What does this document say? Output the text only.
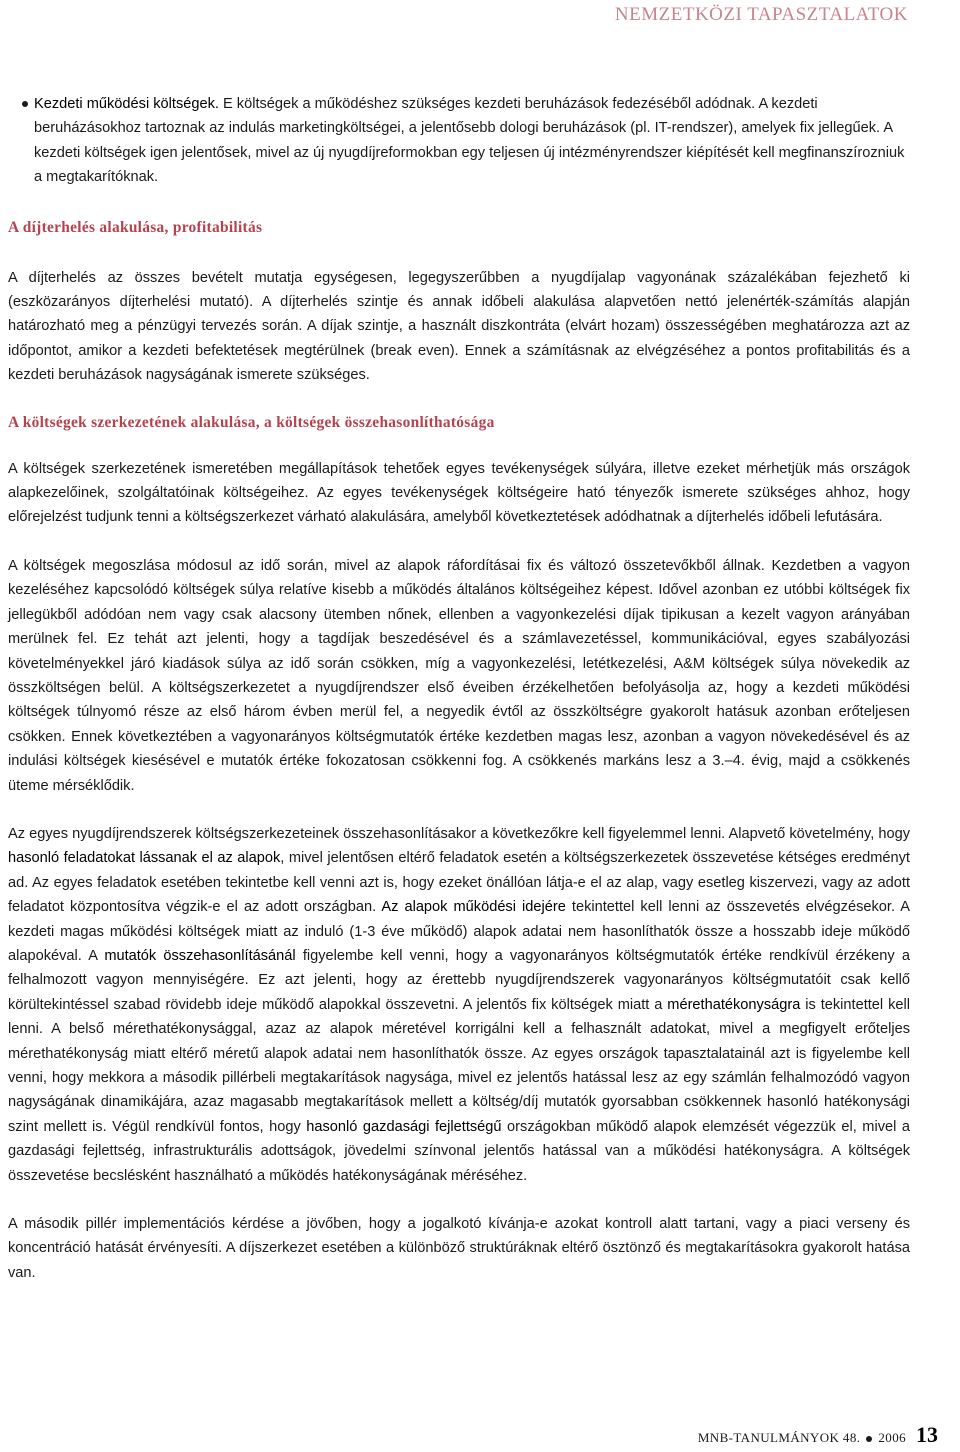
NEMZETKÖZI TAPASZTALATOK

Kezdeti működési költségek. E költségek a működéshez szükséges kezdeti beruházások fedezéséből adódnak. A kezdeti beruházásokhoz tartoznak az indulás marketingköltségei, a jelentősebb dologi beruházások (pl. IT-rendszer), amelyek fix jellegűek. A kezdeti költségek igen jelentősek, mivel az új nyugdíjreformokban egy teljesen új intézményrendszer kiépítését kell megfinanszírozniuk a megtakarítóknak.

A díjterhelés alakulása, profitabilitás

A díjterhelés az összes bevételt mutatja egységesen, legegyszerűbben a nyugdíjalap vagyonának százalékában fejezhető ki (eszközarányos díjterhelési mutató). A díjterhelés szintje és annak időbeli alakulása alapvetően nettó jelenérték-számítás alapján határozható meg a pénzügyi tervezés során. A díjak szintje, a használt diszkontráta (elvárt hozam) összességében meghatározza azt az időpontot, amikor a kezdeti befektetések megtérülnek (break even). Ennek a számításnak az elvégzéséhez a pontos profitabilitás és a kezdeti beruházások nagyságának ismerete szükséges.

A költségek szerkezetének alakulása, a költségek összehasonlíthatósága

A költségek szerkezetének ismeretében megállapítások tehetőek egyes tevékenységek súlyára, illetve ezeket mérhetjük más országok alapkezelőinek, szolgáltatóinak költségeihez. Az egyes tevékenységek költségeire ható tényezők ismerete szükséges ahhoz, hogy előrejelzést tudjunk tenni a költségszerkezet várható alakulására, amelyből következtetések adódhatnak a díjterhelés időbeli lefutására.

A költségek megoszlása módosul az idő során, mivel az alapok ráfordításai fix és változó összetevőkből állnak. Kezdetben a vagyon kezeléséhez kapcsolódó költségek súlya relatíve kisebb a működés általános költségeihez képest. Idővel azonban ez utóbbi költségek fix jellegükből adódóan nem vagy csak alacsony ütemben nőnek, ellenben a vagyonkezelési díjak tipikusan a kezelt vagyon arányában merülnek fel. Ez tehát azt jelenti, hogy a tagdíjak beszedésével és a számlavezetéssel, kommunikációval, egyes szabályozási követelményekkel járó kiadások súlya az idő során csökken, míg a vagyonkezelési, letétkezelési, A&M költségek súlya növekedik az összköltségen belül. A költségszerkezetet a nyugdíjrendszer első éveiben érzékelhetően befolyásolja az, hogy a kezdeti működési költségek túlnyomó része az első három évben merül fel, a negyedik évtől az összköltségre gyakorolt hatásuk azonban erőteljesen csökken. Ennek következtében a vagyonarányos költségmutatók értéke kezdetben magas lesz, azonban a vagyon növekedésével és az indulási költségek kiesésével e mutatók értéke fokozatosan csökkenni fog. A csökkenés markáns lesz a 3.–4. évig, majd a csökkenés üteme mérséklődik.

Az egyes nyugdíjrendszerek költségszerkezeteinek összehasonlításakor a következőkre kell figyelemmel lenni. Alapvető követelmény, hogy hasonló feladatokat lássanak el az alapok, mivel jelentősen eltérő feladatok esetén a költségszerkezetek összevetése kétséges eredményt ad. Az egyes feladatok esetében tekintetbe kell venni azt is, hogy ezeket önállóan látja-e el az alap, vagy esetleg kiszervezi, vagy az adott feladatot központosítva végzik-e el az adott országban. Az alapok működési idejére tekintettel kell lenni az összevetés elvégzésekor. A kezdeti magas működési költségek miatt az induló (1-3 éve működő) alapok adatai nem hasonlíthatók össze a hosszabb ideje működő alapokéval. A mutatók összehasonlításánál figyelembe kell venni, hogy a vagyonarányos költségmutatók értéke rendkívül érzékeny a felhalmozott vagyon mennyiségére. Ez azt jelenti, hogy az érettebb nyugdíjrendszerek vagyonarányos költségmutatóit csak kellő körültekintéssel szabad rövidebb ideje működő alapokkal összevetni. A jelentős fix költségek miatt a mérethatékonyságra is tekintettel kell lenni. A belső mérethatékonysággal, azaz az alapok méretével korrigálni kell a felhasznált adatokat, mivel a megfigyelt erőteljes mérethatékonyság miatt eltérő méretű alapok adatai nem hasonlíthatók össze. Az egyes országok tapasztalatainál azt is figyelembe kell venni, hogy mekkora a második pillérbeli megtakarítások nagysága, mivel ez jelentős hatással lesz az egy számlán felhalmozódó vagyon nagyságának dinamikájára, azaz magasabb megtakarítások mellett a költség/díj mutatók gyorsabban csökkennek hasonló hatékonysági szint mellett is. Végül rendkívül fontos, hogy hasonló gazdasági fejlettségű országokban működő alapok elemzését végezzük el, mivel a gazdasági fejlettség, infrastrukturális adottságok, jövedelmi színvonal jelentős hatással van a működési hatékonyságra. A költségek összevetése becslésként használható a működés hatékonyságának méréséhez.

A második pillér implementációs kérdése a jövőben, hogy a jogalkotó kívánja-e azokat kontroll alatt tartani, vagy a piaci verseny és koncentráció hatását érvényesíti. A díjszerkezet esetében a különböző struktúráknak eltérő ösztönző és megtakarításokra gyakorolt hatása van.

MNB-TANULMÁNYOK 48. 2006 13
